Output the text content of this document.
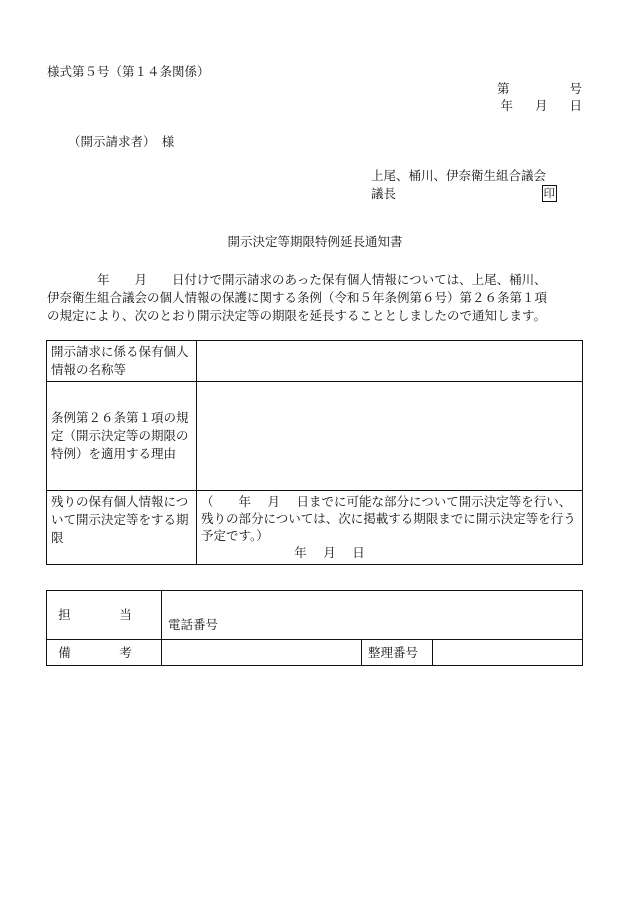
様式第５号（第１４条関係）
第	号
年 月 日
（開示請求者）　様
上尾、桶川、伊奈衛生組合議会
議長	印
開示決定等期限特例延長通知書
　　　　年　　月　　日付けで開示請求のあった保有個人情報については、上尾、桶川、
伊奈衛生組合議会の個人情報の保護に関する条例（令和５年条例第６号）第２６条第１項
の規定により、次のとおり開示決定等の期限を延長することとしましたので通知します。
開示請求に係る保有個人情報の名称等	
条例第２６条第１項の規定（開示決定等の期限の特例）を適用する理由	
残りの保有個人情報について開示決定等をする期限	（　　年　 月　 日までに可能な部分について開示決定等を行い、残りの部分については、次に掲載する期限までに開示決定等を行う予定です。）
年　 月　 日
担　当	電話番号		
備　考		整理番号	
